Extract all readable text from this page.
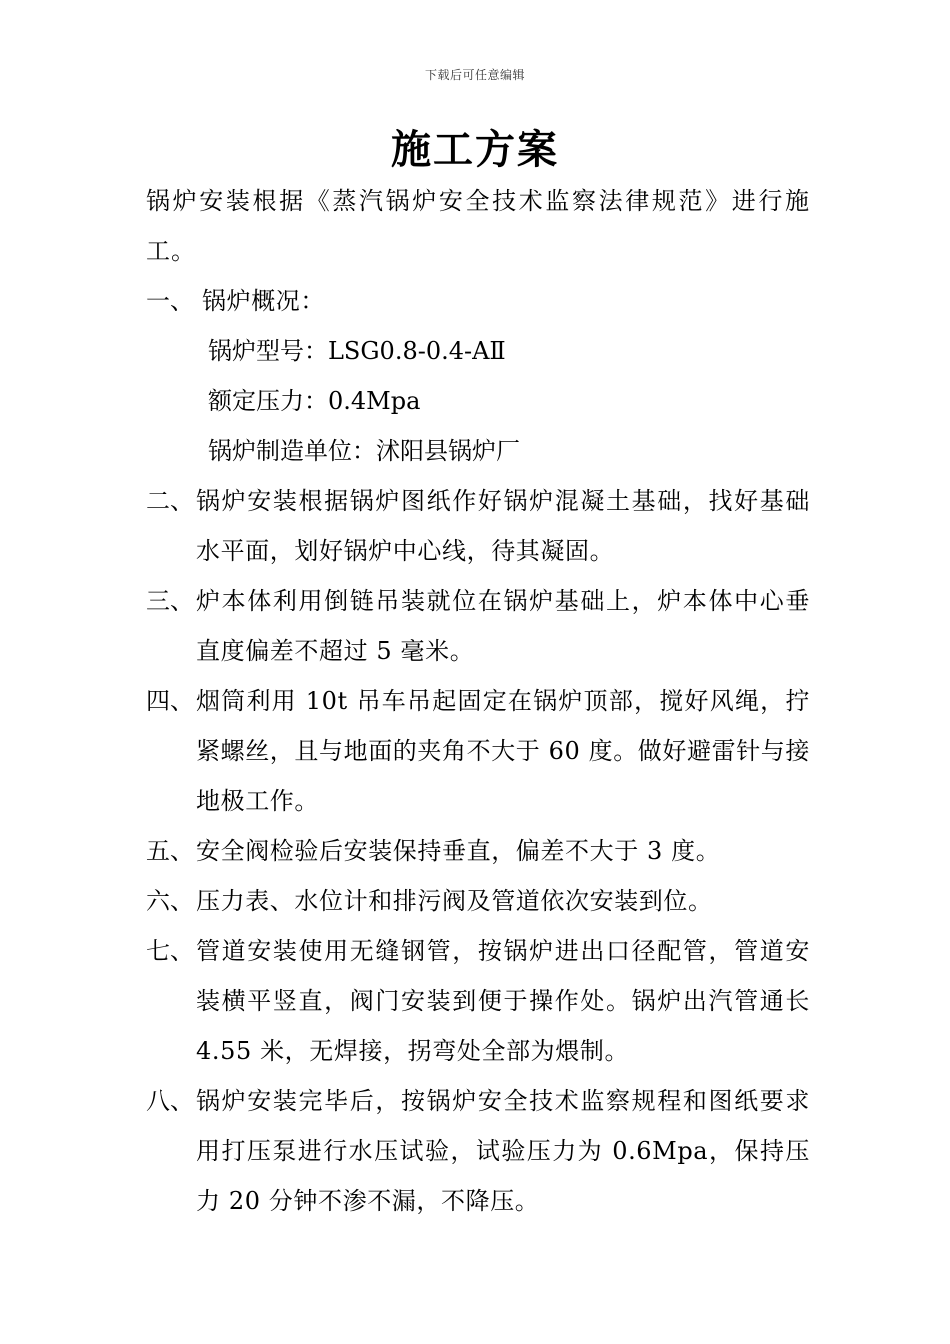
下载后可任意编辑
施工方案

锅炉安装根据《蒸汽锅炉安全技术监察法律规范》进行施工。

一、 锅炉概况：

锅炉型号：LSG0.8-0.4-AⅡ

额定压力：0.4Mpa

锅炉制造单位：沭阳县锅炉厂

二、 锅炉安装根据锅炉图纸作好锅炉混凝土基础，找好基础水平面，划好锅炉中心线，待其凝固。
三、 炉本体利用倒链吊装就位在锅炉基础上，炉本体中心垂直度偏差不超过 5 毫米。
四、 烟筒利用 10t 吊车吊起固定在锅炉顶部，搅好风绳，拧紧螺丝，且与地面的夹角不大于 60 度。做好避雷针与接地极工作。
五、 安全阀检验后安装保持垂直，偏差不大于 3 度。
六、 压力表、水位计和排污阀及管道依次安装到位。
七、 管道安装使用无缝钢管，按锅炉进出口径配管，管道安装横平竖直，阀门安装到便于操作处。锅炉出汽管通长 4.55 米，无焊接，拐弯处全部为煨制。
八、 锅炉安装完毕后，按锅炉安全技术监察规程和图纸要求用打压泵进行水压试验，试验压力为 0.6Mpa，保持压力 20 分钟不渗不漏，不降压。
